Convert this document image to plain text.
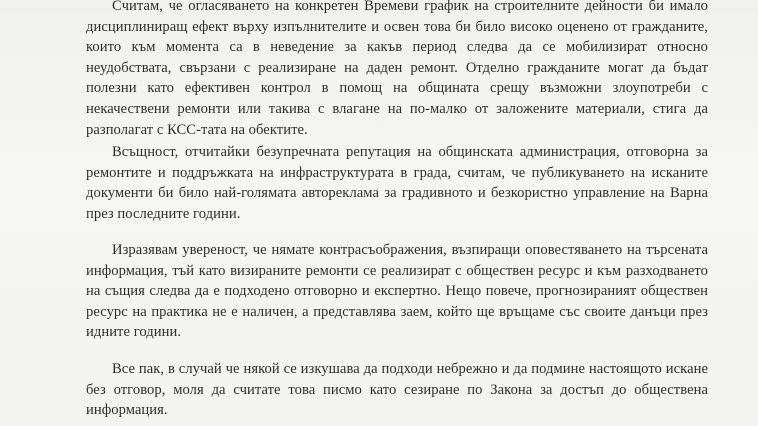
Считам, че огласяването на конкретен Времеви график на строителните дейности би имало дисциплиниращ ефект върху изпълнителите и освен това би било високо оценено от гражданите, които към момента са в неведение за какъв период следва да се мобилизират относно неудобствата, свързани с реализиране на даден ремонт. Отделно гражданите могат да бъдат полезни като ефективен контрол в помощ на общината срещу възможни злоупотреби с некачествени ремонти или такива с влагане на по-малко от заложените материали, стига да разполагат с КСС-тата на обектите.

Всъщност, отчитайки безупречната репутация на общинската администрация, отговорна за ремонтите и поддръжката на инфраструктурата в града, считам, че публикуването на исканите документи би било най-голямата автореклама за градивното и безкористно управление на Варна през последните години.

Изразявам увереност, че нямате контрасъображения, възпиращи оповестяването на търсената информация, тъй като визираните ремонти се реализират с обществен ресурс и към разходването на същия следва да е подходено отговорно и експертно. Нещо повече, прогнозираният обществен ресурс на практика не е наличен, а представлява заем, който ще връщаме със своите данъци през идните години.

Все пак, в случай че някой се изкушава да подходи небрежно и да подмине настоящото искане без отговор, моля да считате това писмо като сезиране по Закона за достъп до обществена информация.
